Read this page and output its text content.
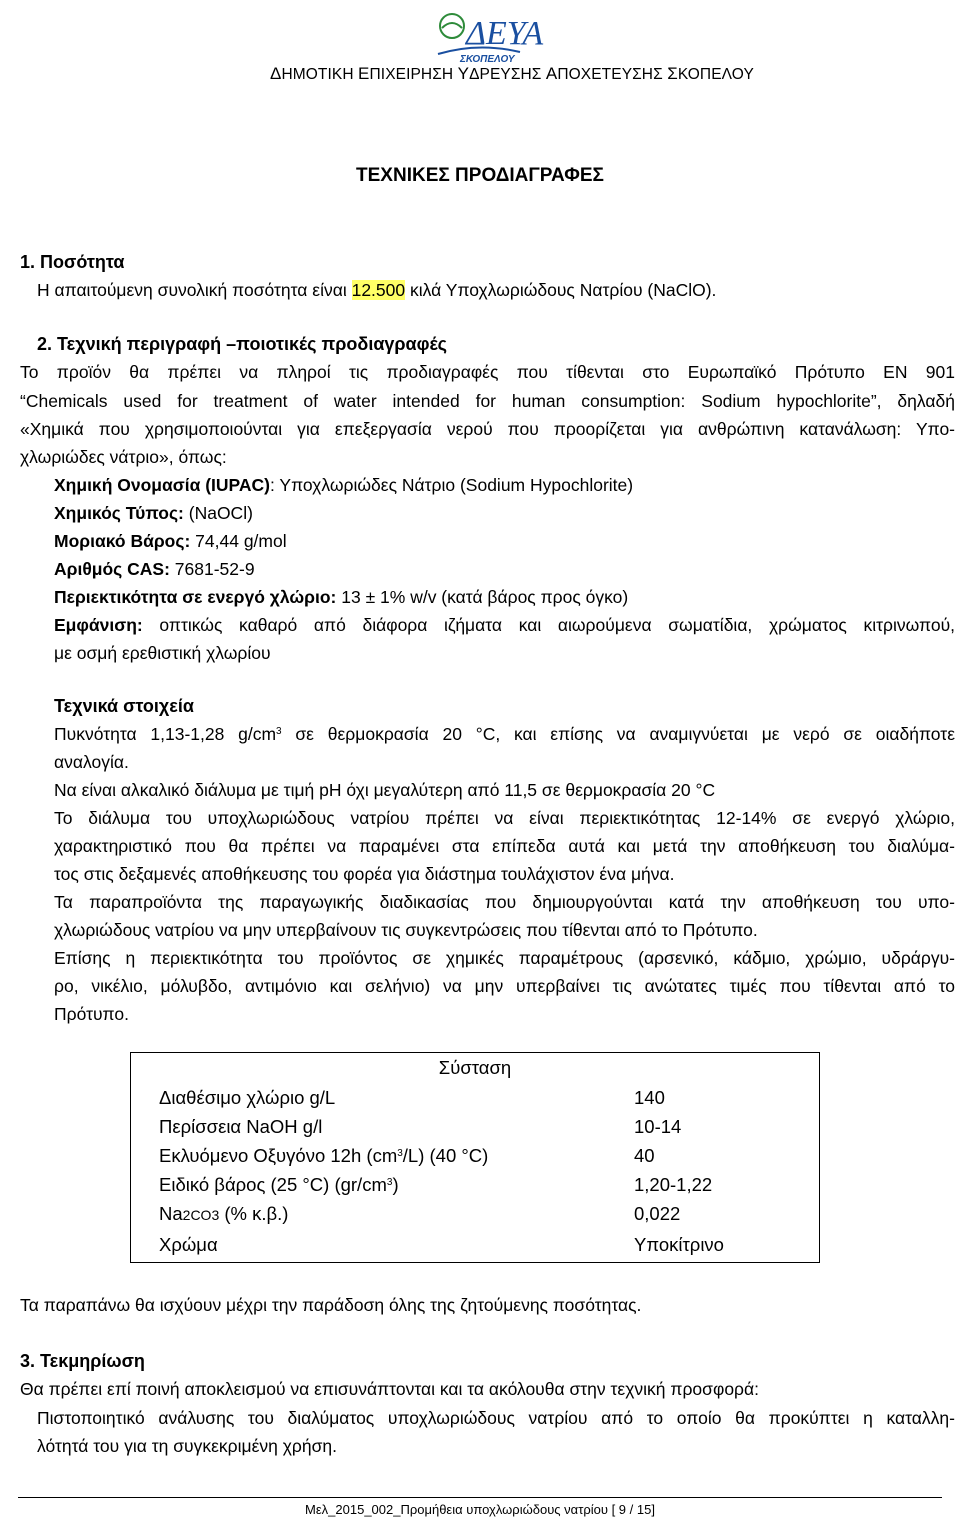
ΔΕΥΑ
ΣΚΟΠΕΛΟΥ
ΔΗΜΟΤΙΚΗ ΕΠΙΧΕΙΡΗΣΗ ΥΔΡΕΥΣΗΣ ΑΠΟΧΕΤΕΥΣΗΣ ΣΚΟΠΕΛΟΥ
ΤΕΧΝΙΚΕΣ ΠΡΟΔΙΑΓΡΑΦΕΣ
1. Ποσότητα
Η απαιτούμενη συνολική ποσότητα είναι 12.500 κιλά Υποχλωριώδους Νατρίου (NaClO).
2. Τεχνική περιγραφή –ποιοτικές προδιαγραφές
Το προϊόν θα πρέπει να πληροί τις προδιαγραφές που τίθενται στο Ευρωπαϊκό Πρότυπο ΕΝ 901
“Chemicals used for treatment of water intended for human consumption: Sodium hypochlorite”, δηλαδή
«Χημικά που χρησιμοποιούνται για επεξεργασία νερού που προορίζεται για ανθρώπινη κατανάλωση: Υπο-
χλωριώδες νάτριο», όπως:
Χημική Ονομασία (IUPAC): Υποχλωριώδες Νάτριο (Sodium Hypochlorite)
Χημικός Τύπος: (NaOCl)
Μοριακό Βάρος: 74,44 g/mol
Αριθμός CAS: 7681-52-9
Περιεκτικότητα σε ενεργό χλώριο: 13 ± 1% w/v (κατά βάρος προς όγκο)
Εμφάνιση: οπτικώς καθαρό από διάφορα ιζήματα και αιωρούμενα σωματίδια, χρώματος κιτρινωπού,
με οσμή ερεθιστική χλωρίου
Τεχνικά στοιχεία
Πυκνότητα 1,13-1,28 $g/cm^3$ σε θερμοκρασία 20 °C, και επίσης να αναμιγνύεται με νερό σε οιαδήποτε
αναλογία.
Να είναι αλκαλικό διάλυμα με τιμή pH όχι μεγαλύτερη από 11,5 σε θερμοκρασία 20 °C
Το διάλυμα του υποχλωριώδους νατρίου πρέπει να είναι περιεκτικότητας 12-14% σε ενεργό χλώριο,
χαρακτηριστικό που θα πρέπει να παραμένει στα επίπεδα αυτά και μετά την αποθήκευση του διαλύμα-
τος στις δεξαμενές αποθήκευσης του φορέα για διάστημα τουλάχιστον ένα μήνα.
Τα παραπροϊόντα της παραγωγικής διαδικασίας που δημιουργούνται κατά την αποθήκευση του υπο-
χλωριώδους νατρίου να μην υπερβαίνουν τις συγκεντρώσεις που τίθενται από το Πρότυπο.
Επίσης η περιεκτικότητα του προϊόντος σε χημικές παραμέτρους (αρσενικό, κάδμιο, χρώμιο, υδράργυ-
ρο, νικέλιο, μόλυβδο, αντιμόνιο και σελήνιο) να μην υπερβαίνει τις ανώτατες τιμές που τίθενται από το
Πρότυπο.
Σύσταση	
Διαθέσιμο χλώριο g/L	140
Περίσσεια NaOH g/l	10-14
Εκλυόμενο Οξυγόνο 12h $(cm^3/L)$ (40 °C)	40
Ειδικό βάρος (25 °C) $(gr/cm^3)$	1,20-1,22
Na2CO3 (% κ.β.)	0,022
Χρώμα	Υποκίτρινο
Τα παραπάνω θα ισχύουν μέχρι την παράδοση όλης της ζητούμενης ποσότητας.
3. Τεκμηρίωση
Θα πρέπει επί ποινή αποκλεισμού να επισυνάπτονται και τα ακόλουθα στην τεχνική προσφορά:
Πιστοποιητικό ανάλυσης του διαλύματος υποχλωριώδους νατρίου από το οποίο θα προκύπτει η καταλλη-
λότητά του για τη συγκεκριμένη χρήση.
Μελ_2015_002_Προμήθεια υποχλωριώδους νατρίου [ 9 / 15]
